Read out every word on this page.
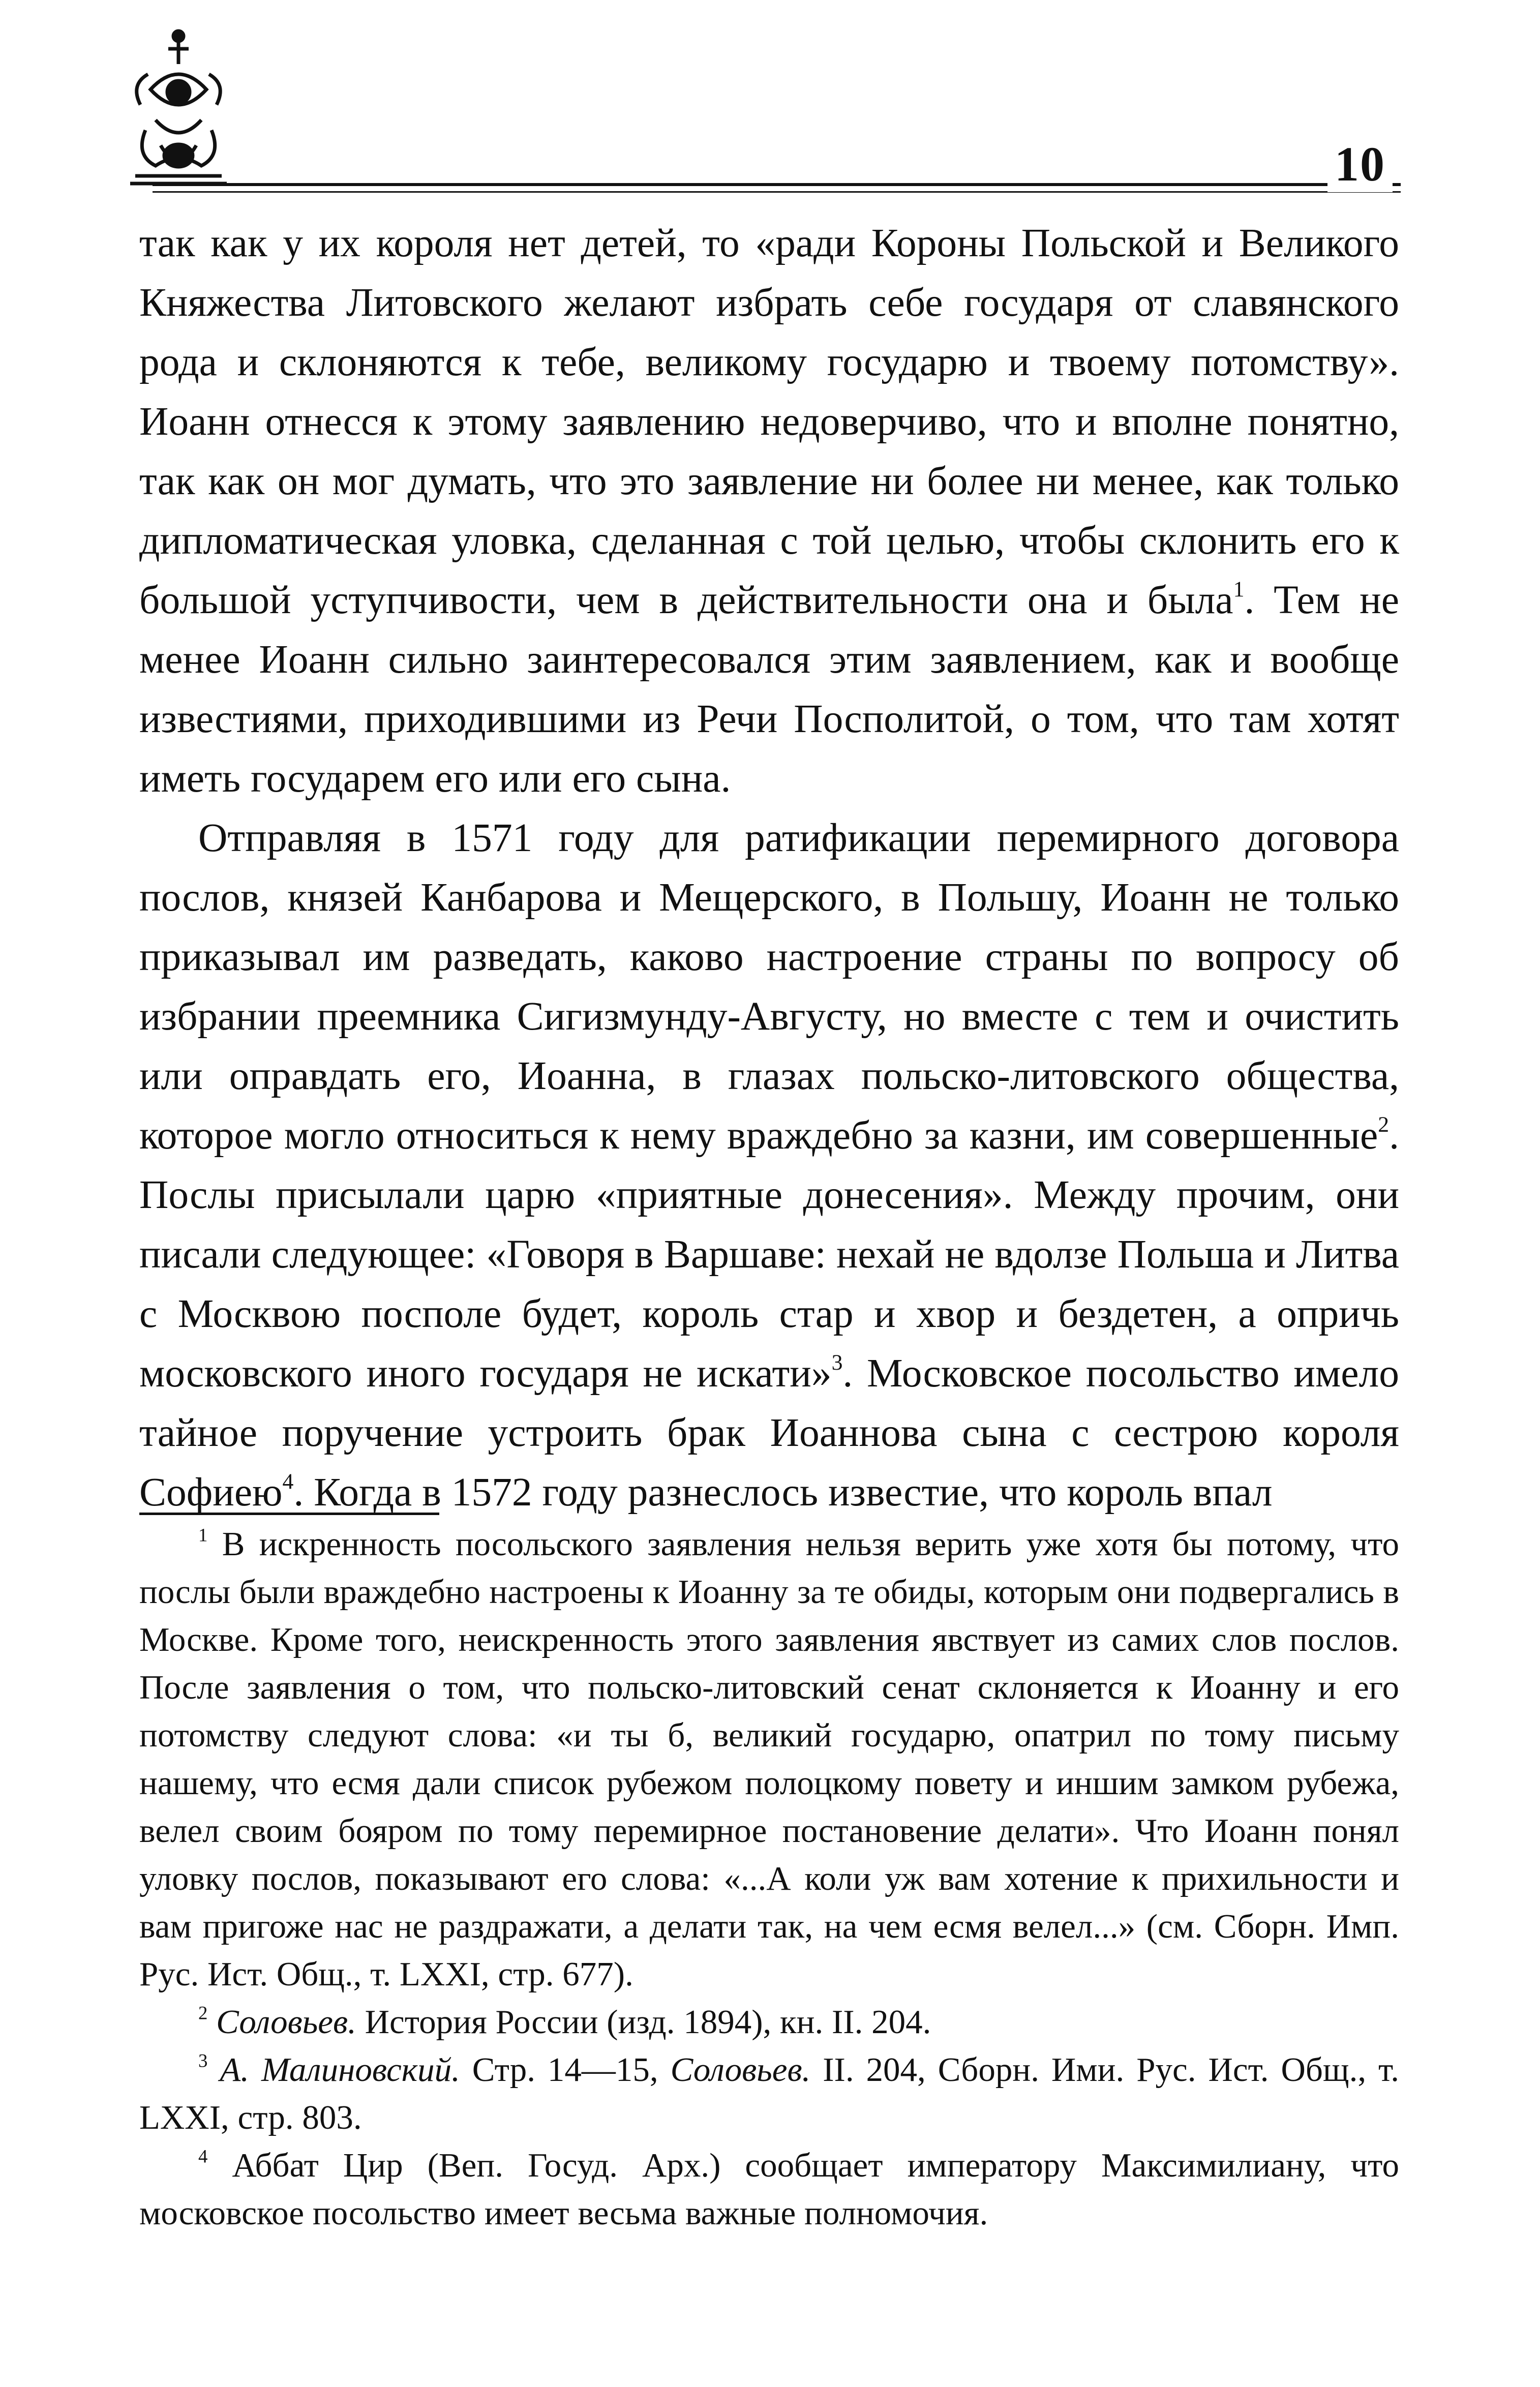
10

так как у их короля нет детей, то «ради Короны Польской и Великого Княжества Литовского желают избрать себе государя от славянского рода и склоняются к тебе, великому государю и твоему потомству». Иоанн отнесся к этому заявлению недоверчиво, что и вполне понятно, так как он мог думать, что это заявление ни более ни менее, как только дипломатическая уловка, сделанная с той целью, чтобы склонить его к большой уступчивости, чем в действительности она и была$^1$. Тем не менее Иоанн сильно заинтересовался этим заявлением, как и вообще известиями, приходившими из Речи Посполитой, о том, что там хотят иметь государем его или его сына.

Отправляя в 1571 году для ратификации перемирного договора послов, князей Канбарова и Мещерского, в Польшу, Иоанн не только приказывал им разведать, каково настроение страны по вопросу об избрании преемника Сигизмунду-Августу, но вместе с тем и очистить или оправдать его, Иоанна, в глазах польско-литовского общества, которое могло относиться к нему враждебно за казни, им совершенные$^2$. Послы присылали царю «приятные донесения». Между прочим, они писали следующее: «Говоря в Варшаве: нехай не вдолзе Польша и Литва с Москвою посполе будет, король стар и хвор и бездетен, а опричь московского иного государя не искати»$^3$. Московское посольство имело тайное поручение устроить брак Иоаннова сына с сестрою короля Софиею$^4$. Когда в 1572 году разнеслось известие, что король впал

$^1$ В искренность посольского заявления нельзя верить уже хотя бы потому, что послы были враждебно настроены к Иоанну за те обиды, которым они подвергались в Москве. Кроме того, неискренность этого заявления явствует из самих слов послов. После заявления о том, что польско-литовский сенат склоняется к Иоанну и его потомству следуют слова: «и ты б, великий государю, опатрил по тому письму нашему, что есмя дали список рубежом полоцкому повету и иншим замком рубежа, велел своим бояром по тому перемирное постановение делати». Что Иоанн понял уловку послов, показывают его слова: «...А коли уж вам хотение к прихильности и вам пригоже нас не раздражати, а делати так, на чем есмя велел...» (см. Сборн. Имп. Рус. Ист. Общ., т. LXXI, стр. 677).

$^2$ Соловьев. История России (изд. 1894), кн. II. 204.

$^3$ А. Малиновский. Стр. 14—15, Соловьев. II. 204, Сборн. Ими. Рус. Ист. Общ., т. LXXI, стр. 803.

$^4$ Аббат Цир (Веп. Госуд. Арх.) сообщает императору Максимилиану, что московское посольство имеет весьма важные полномочия.
